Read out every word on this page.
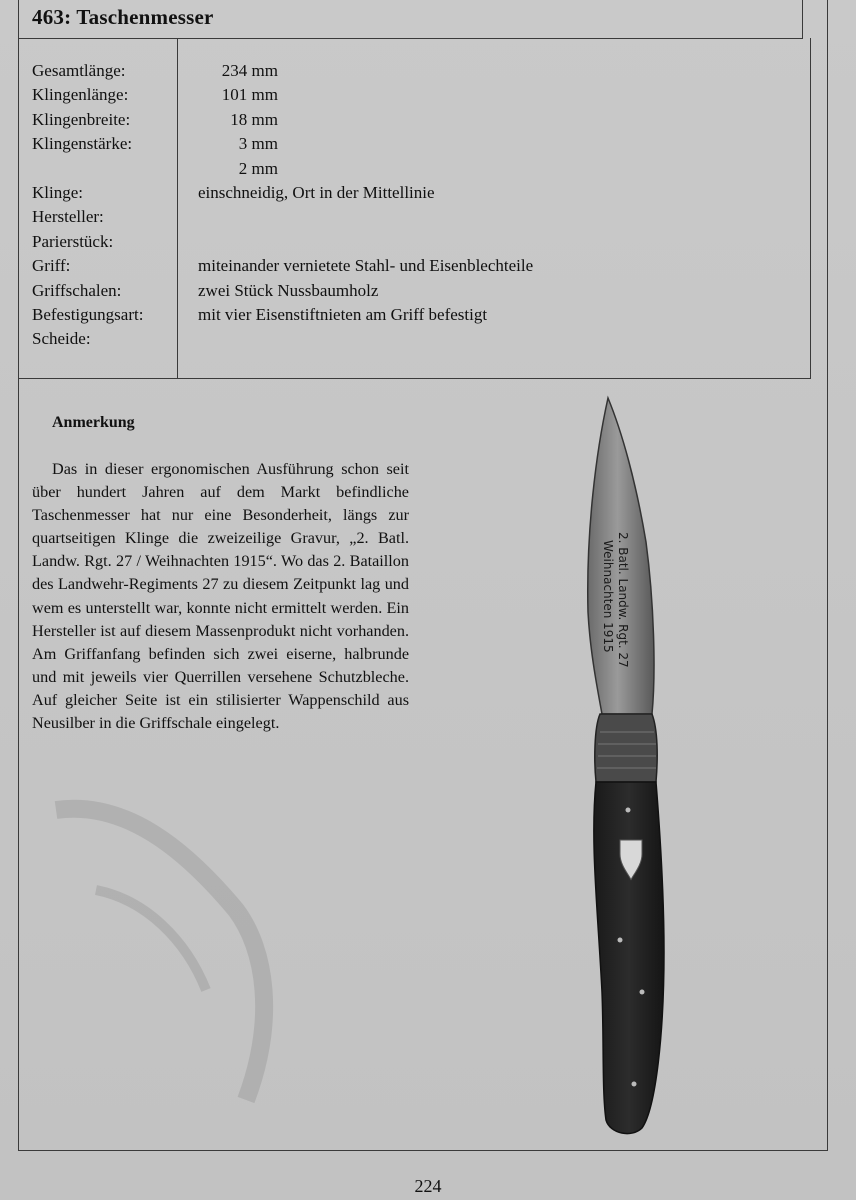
463: Taschenmesser
Gesamtlänge:
Klingenlänge:
Klingenbreite:
Klingenstärke:
Klinge:
Hersteller:
Parierstück:
Griff:
Griffschalen:
Befestigungsart:
Scheide:
234 mm
101 mm
18 mm
3 mm
2 mm
einschneidig, Ort in der Mittellinie
miteinander vernietete Stahl- und Eisenblechteile
zwei Stück Nussbaumholz
mit vier Eisenstiftnieten am Griff befestigt
Anmerkung

Das in dieser ergonomischen Ausführung schon seit über hundert Jahren auf dem Markt befindliche Taschenmesser hat nur eine Besonderheit, längs zur quartseitigen Klinge die zweizeilige Gravur, „2. Batl. Landw. Rgt. 27 / Weihnachten 1915“. Wo das 2. Bataillon des Landwehr-Regiments 27 zu diesem Zeitpunkt lag und wem es unterstellt war, konnte nicht ermittelt werden. Ein Hersteller ist auf diesem Massenprodukt nicht vorhanden. Am Griffanfang befinden sich zwei eiserne, halbrunde und mit jeweils vier Querrillen versehene Schutzbleche. Auf gleicher Seite ist ein stilisierter Wappenschild aus Neusilber in die Griffschale eingelegt.

2. Batl. Landw. Rgt. 27
Weihnachten 1915
224
